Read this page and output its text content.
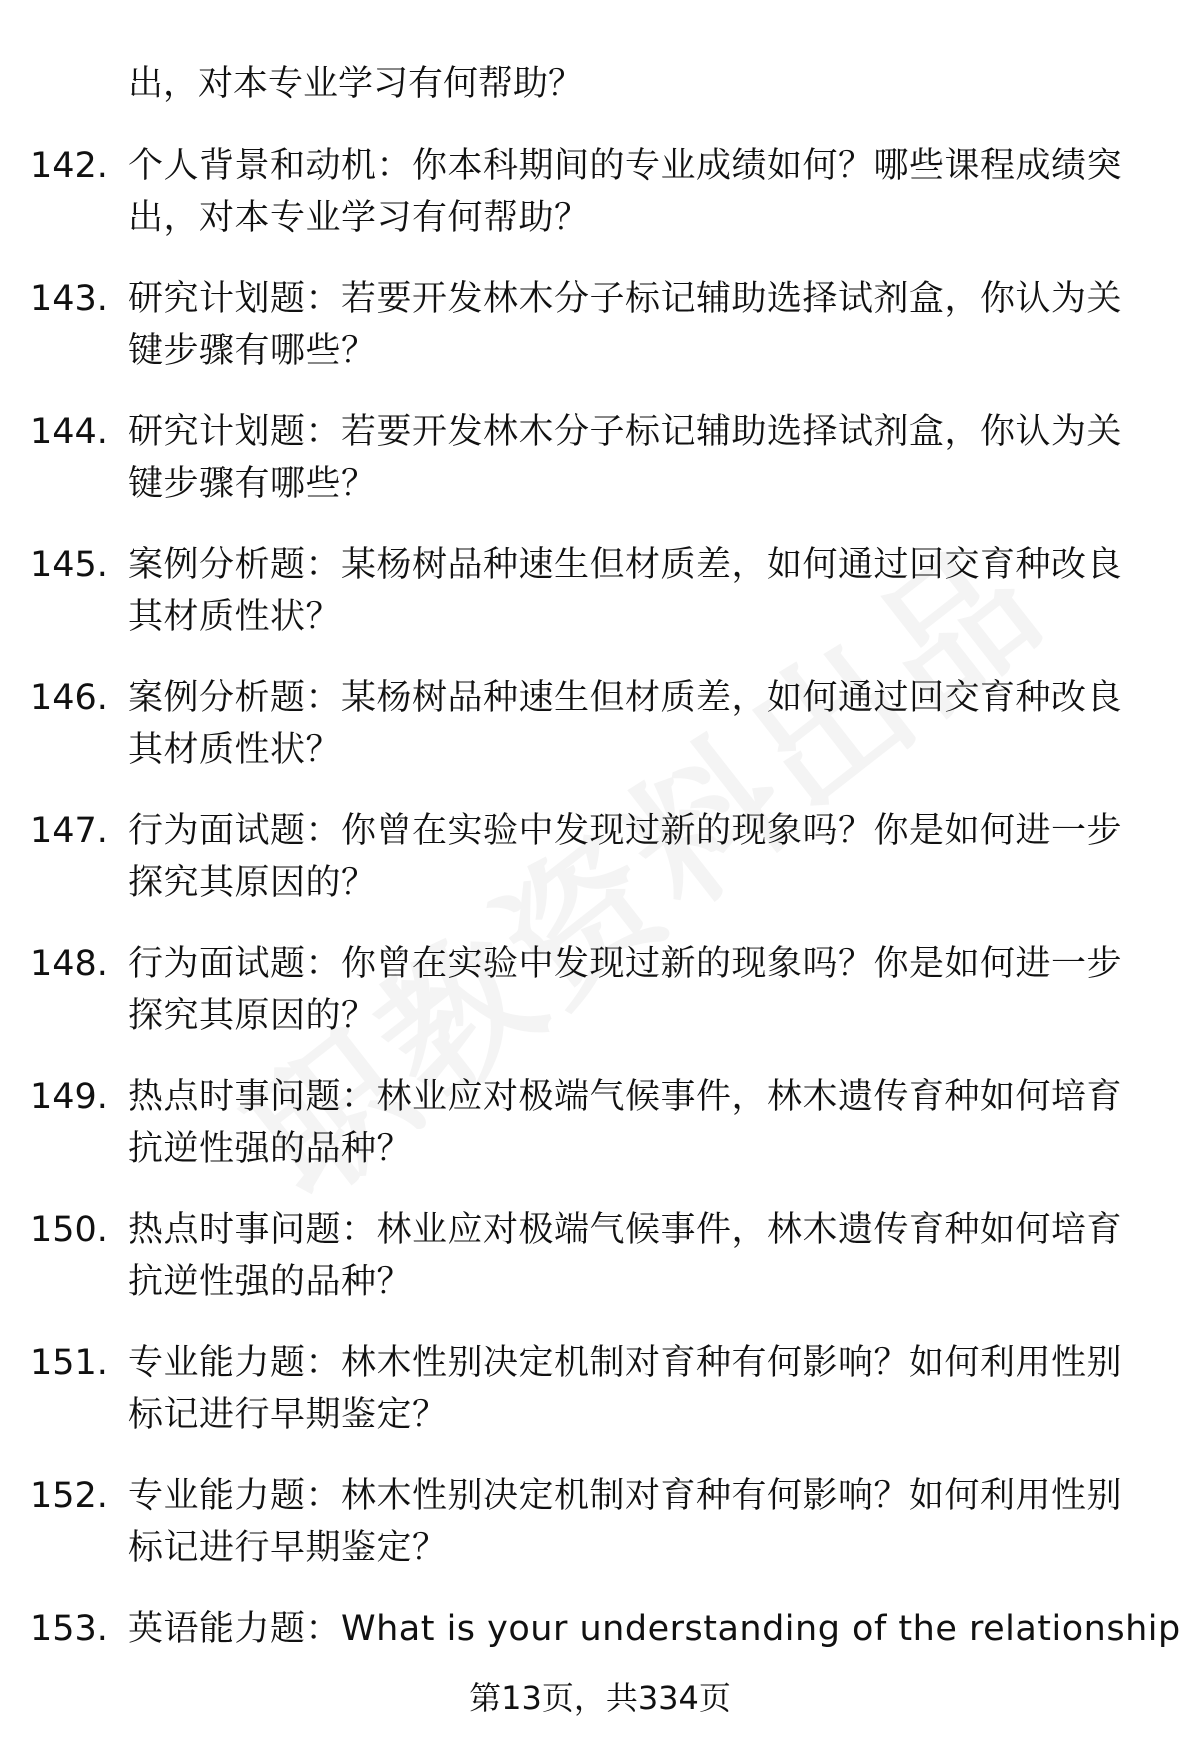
出，对本专业学习有何帮助？
142. 个人背景和动机：你本科期间的专业成绩如何？哪些课程成绩突出，对本专业学习有何帮助？
143. 研究计划题：若要开发林木分子标记辅助选择试剂盒，你认为关键步骤有哪些？
144. 研究计划题：若要开发林木分子标记辅助选择试剂盒，你认为关键步骤有哪些？
145. 案例分析题：某杨树品种速生但材质差，如何通过回交育种改良其材质性状？
146. 案例分析题：某杨树品种速生但材质差，如何通过回交育种改良其材质性状？
147. 行为面试题：你曾在实验中发现过新的现象吗？你是如何进一步探究其原因的？
148. 行为面试题：你曾在实验中发现过新的现象吗？你是如何进一步探究其原因的？
149. 热点时事问题：林业应对极端气候事件，林木遗传育种如何培育抗逆性强的品种？
150. 热点时事问题：林业应对极端气候事件，林木遗传育种如何培育抗逆性强的品种？
151. 专业能力题：林木性别决定机制对育种有何影响？如何利用性别标记进行早期鉴定？
152. 专业能力题：林木性别决定机制对育种有何影响？如何利用性别标记进行早期鉴定？
153. 英语能力题：What is your understanding of the relationship
第13页，共334页
